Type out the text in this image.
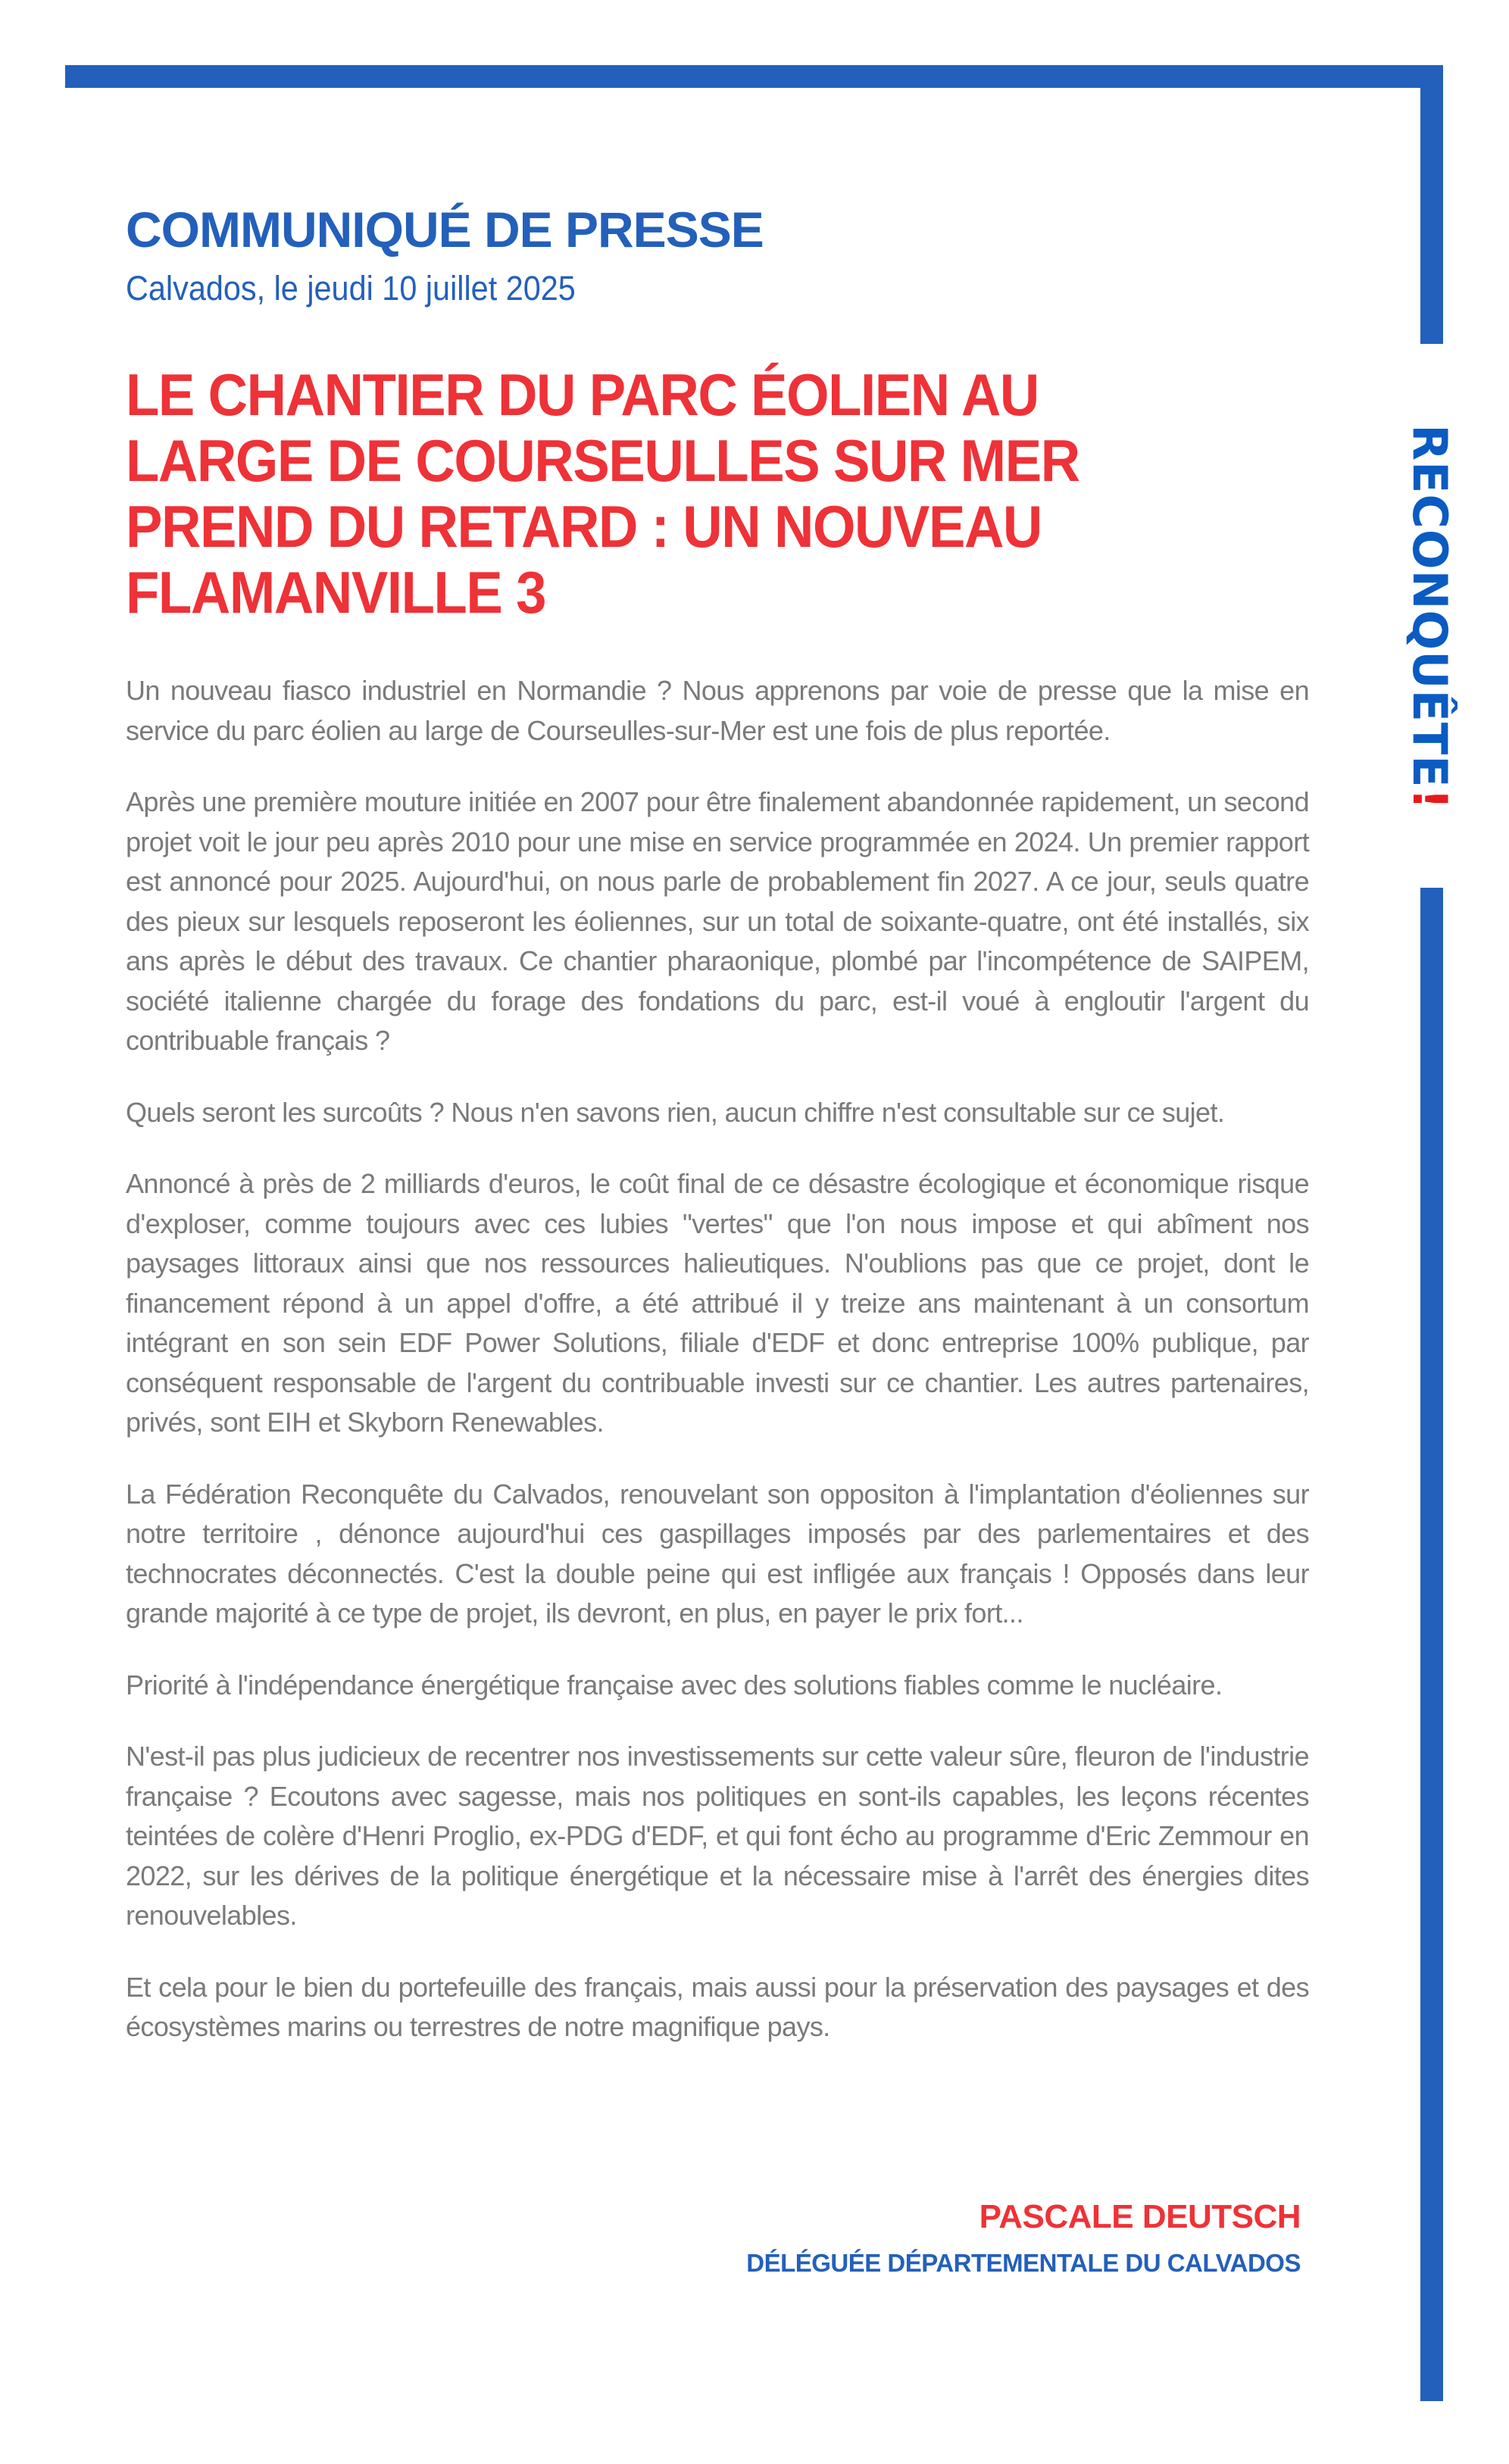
RECONQUÊTE!
COMMUNIQUÉ DE PRESSE
Calvados, le jeudi 10 juillet 2025
LE CHANTIER DU PARC ÉOLIEN AU
LARGE DE COURSEULLES SUR MER
PREND DU RETARD : UN NOUVEAU
FLAMANVILLE 3

Un nouveau fiasco industriel en Normandie ? Nous apprenons par voie de presse que la mise en service du parc éolien au large de Courseulles-sur-Mer est une fois de plus reportée.

Après une première mouture initiée en 2007 pour être finalement abandonnée rapidement, un second projet voit le jour peu après 2010 pour une mise en service programmée en 2024. Un premier rapport est annoncé pour 2025. Aujourd'hui, on nous parle de probablement fin 2027. A ce jour, seuls quatre des pieux sur lesquels reposeront les éoliennes, sur un total de soixante-quatre, ont été installés, six ans après le début des travaux. Ce chantier pharaonique, plombé par l'incompétence de SAIPEM, société italienne chargée du forage des fondations du parc, est-il voué à engloutir l'argent du contribuable français ?

Quels seront les surcoûts ? Nous n'en savons rien, aucun chiffre n'est consultable sur ce sujet.

Annoncé à près de 2 milliards d'euros, le coût final de ce désastre écologique et économique risque d'exploser, comme toujours avec ces lubies "vertes" que l'on nous impose et qui abîment nos paysages littoraux ainsi que nos ressources halieutiques. N'oublions pas que ce projet, dont le financement répond à un appel d'offre, a été attribué il y treize ans maintenant à un consortum intégrant en son sein EDF Power Solutions, filiale d'EDF et donc entreprise 100% publique, par conséquent responsable de l'argent du contribuable investi sur ce chantier. Les autres partenaires, privés, sont EIH et Skyborn Renewables.

La Fédération Reconquête du Calvados, renouvelant son oppositon à l'implantation d'éoliennes sur notre territoire , dénonce aujourd'hui ces gaspillages imposés par des parlementaires et des technocrates déconnectés. C'est la double peine qui est infligée aux français ! Opposés dans leur grande majorité à ce type de projet, ils devront, en plus, en payer le prix fort...

Priorité à l'indépendance énergétique française avec des solutions fiables comme le nucléaire.

N'est-il pas plus judicieux de recentrer nos investissements sur cette valeur sûre, fleuron de l'industrie française ? Ecoutons avec sagesse, mais nos politiques en sont-ils capables, les leçons récentes teintées de colère d'Henri Proglio, ex-PDG d'EDF, et qui font écho au programme d'Eric Zemmour en 2022, sur les dérives de la politique énergétique et la nécessaire mise à l'arrêt des énergies dites renouvelables.

Et cela pour le bien du portefeuille des français, mais aussi pour la préservation des paysages et des écosystèmes marins ou terrestres de notre magnifique pays.

PASCALE DEUTSCH
DÉLÉGUÉE DÉPARTEMENTALE DU CALVADOS
